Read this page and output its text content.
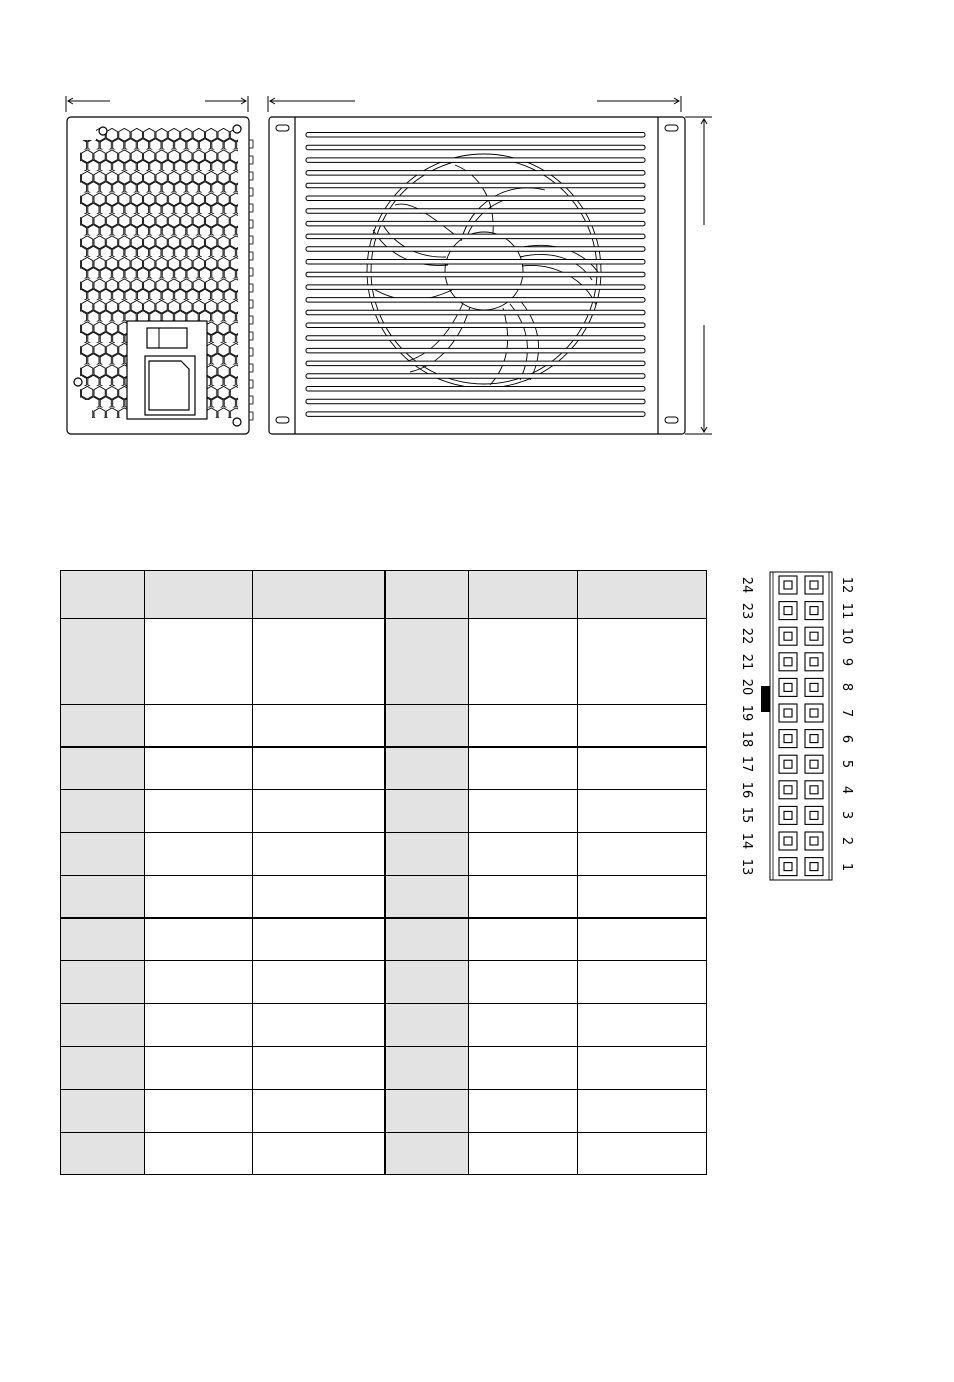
24	12
23	11
22	10
21	9
20	8
19	7
18	6
17	5
16	4
15	3
14	2
13	1
